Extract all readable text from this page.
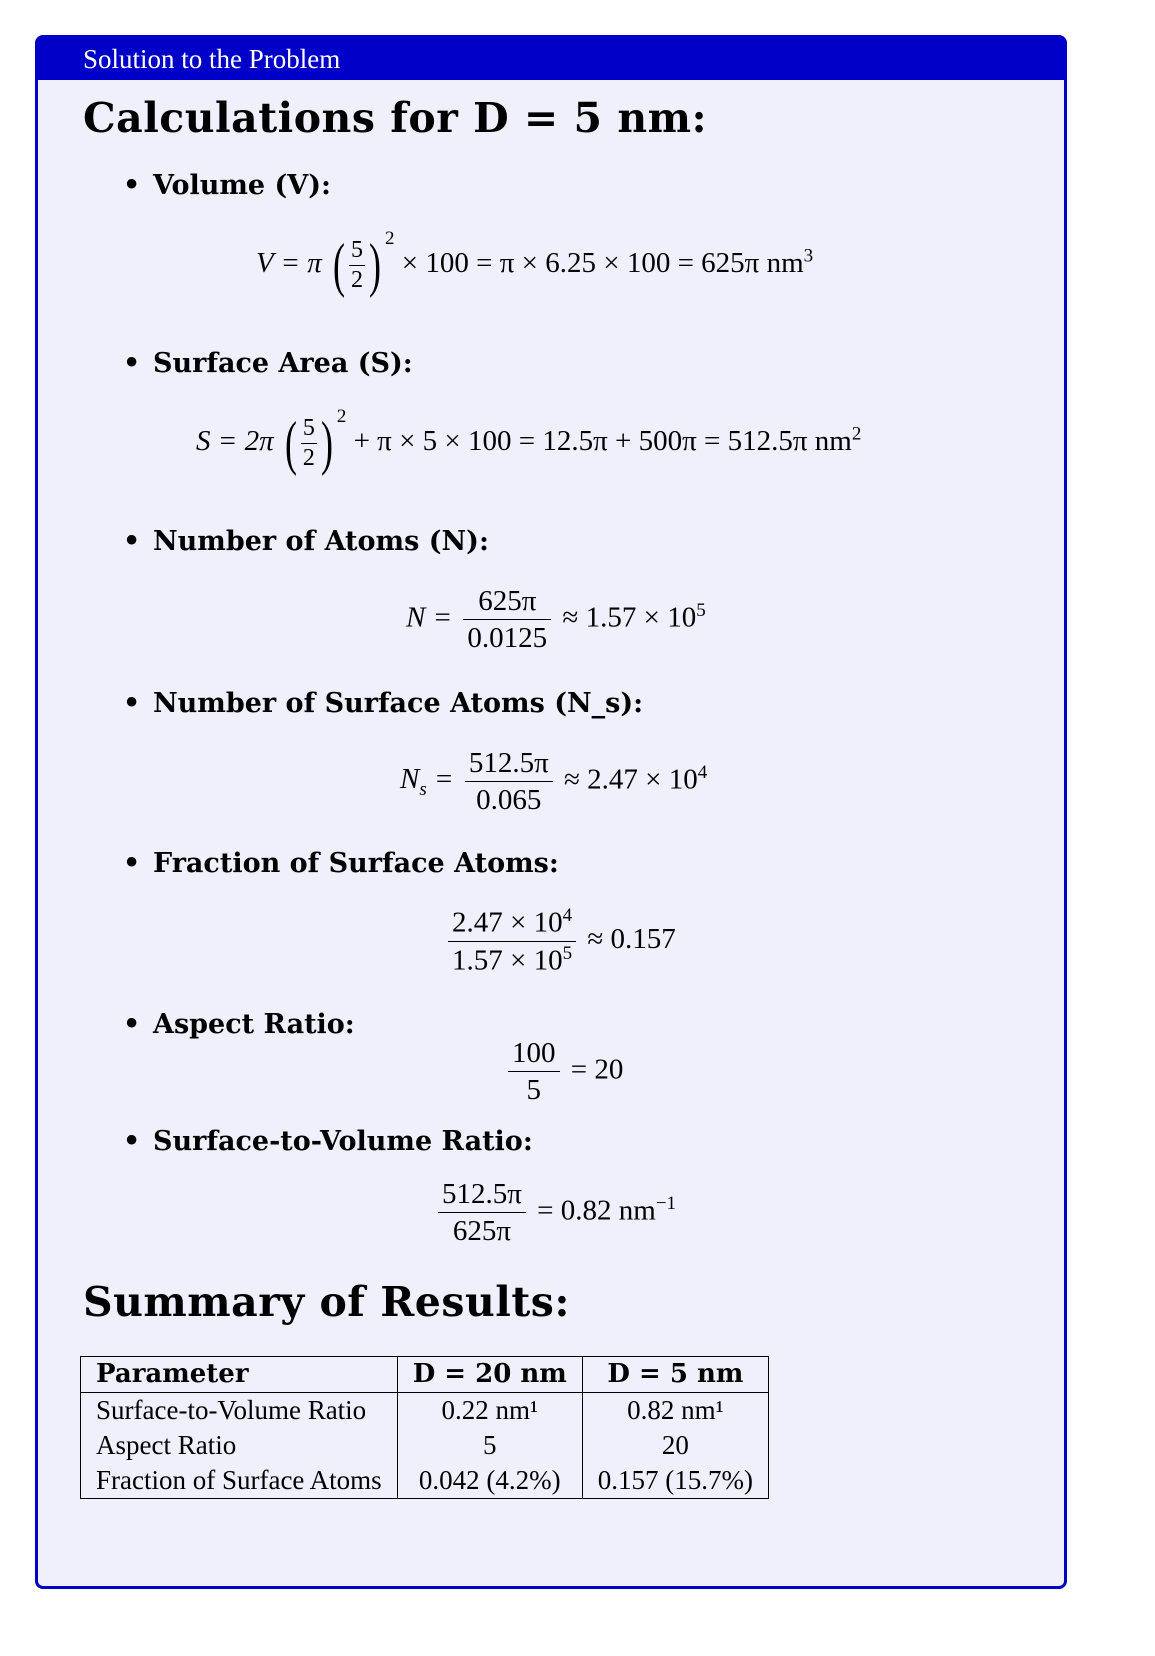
Solution to the Problem
Calculations for D = 5 nm:
• Volume (V):
V = π ( $\frac{5}{2}$ ) $^2$ × 100 = π × 6.25 × 100 = 625π $nm^3$
• Surface Area (S):
S = 2π ( $\frac{5}{2}$ ) $^2$ + π × 5 × 100 = 12.5π + 500π = 512.5π $nm^2$
• Number of Atoms (N):
$N = \frac{625\pi}{0.0125} \approx 1.57 \times 10^5$
• Number of Surface Atoms (N_s):
$N_s = \frac{512.5\pi}{0.065} \approx 2.47 \times 10^4$
• Fraction of Surface Atoms:
$\frac{2.47 \times 10^4}{1.57 \times 10^5} \approx 0.157$
• Aspect Ratio:
$\frac{100}{5} = 20$
• Surface-to-Volume Ratio:
$\frac{512.5\pi}{625\pi} = 0.82$ $nm^{-1}$
Summary of Results:
Parameter	D = 20 nm	D = 5 nm
Surface-to-Volume Ratio	0.22 nm¹	0.82 nm¹
Aspect Ratio	5	20
Fraction of Surface Atoms	0.042 (4.2%)	0.157 (15.7%)
